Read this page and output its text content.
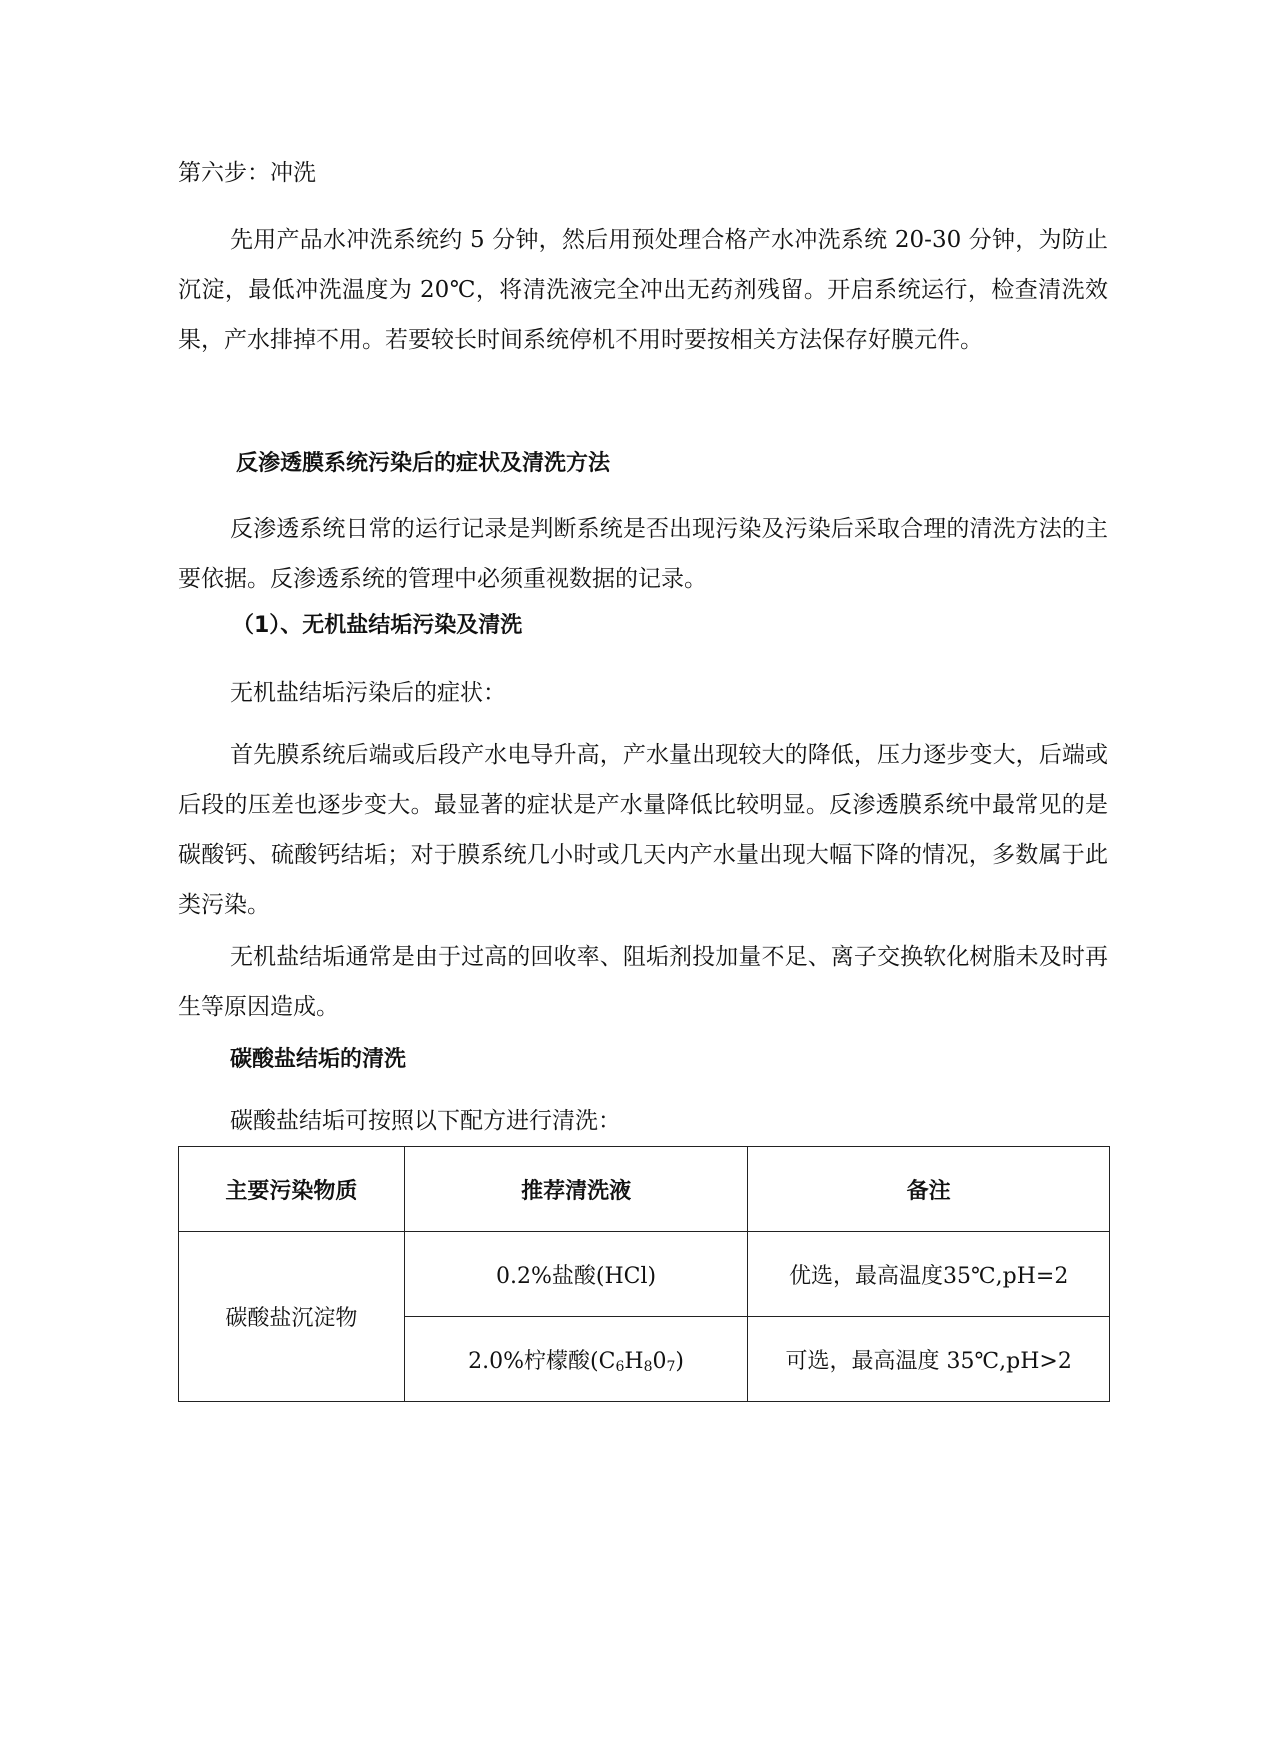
第六步：冲洗

先用产品水冲洗系统约 5 分钟，然后用预处理合格产水冲洗系统 20-30 分钟，为防止沉淀，最低冲洗温度为 20℃，将清洗液完全冲出无药剂残留。开启系统运行，检查清洗效果，产水排掉不用。若要较长时间系统停机不用时要按相关方法保存好膜元件。

反渗透膜系统污染后的症状及清洗方法

反渗透系统日常的运行记录是判断系统是否出现污染及污染后采取合理的清洗方法的主要依据。反渗透系统的管理中必须重视数据的记录。

（1）、无机盐结垢污染及清洗

无机盐结垢污染后的症状：

首先膜系统后端或后段产水电导升高，产水量出现较大的降低，压力逐步变大，后端或后段的压差也逐步变大。最显著的症状是产水量降低比较明显。反渗透膜系统中最常见的是碳酸钙、硫酸钙结垢；对于膜系统几小时或几天内产水量出现大幅下降的情况，多数属于此类污染。

无机盐结垢通常是由于过高的回收率、阻垢剂投加量不足、离子交换软化树脂未及时再生等原因造成。

碳酸盐结垢的清洗

碳酸盐结垢可按照以下配方进行清洗：

主要污染物质	推荐清洗液	备注
碳酸盐沉淀物	0.2%盐酸(HCl)	优选，最高温度35℃,pH=2
	2.0%柠檬酸$(C_6H_80_7)$	可选，最高温度 35℃,pH>2
